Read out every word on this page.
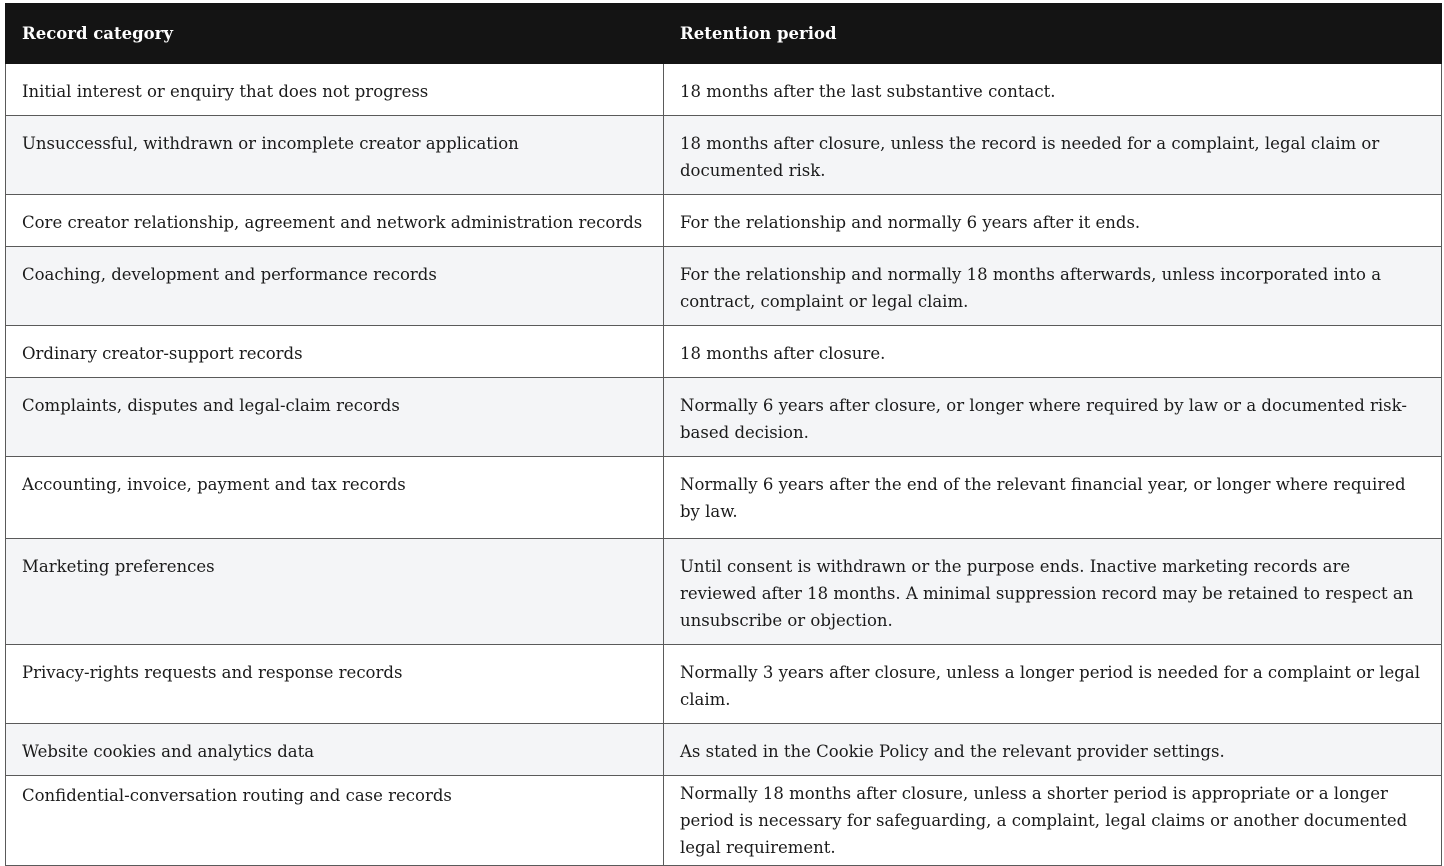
Record category	Retention period
Initial interest or enquiry that does not progress	18 months after the last substantive contact.
Unsuccessful, withdrawn or incomplete creator application	18 months after closure, unless the record is needed for a complaint, legal claim or documented risk.
Core creator relationship, agreement and network administration records	For the relationship and normally 6 years after it ends.
Coaching, development and performance records	For the relationship and normally 18 months afterwards, unless incorporated into a contract, complaint or legal claim.
Ordinary creator-support records	18 months after closure.
Complaints, disputes and legal-claim records	Normally 6 years after closure, or longer where required by law or a documented risk-based decision.
Accounting, invoice, payment and tax records	Normally 6 years after the end of the relevant financial year, or longer where required by law.
Marketing preferences	Until consent is withdrawn or the purpose ends. Inactive marketing records are reviewed after 18 months. A minimal suppression record may be retained to respect an unsubscribe or objection.
Privacy-rights requests and response records	Normally 3 years after closure, unless a longer period is needed for a complaint or legal claim.
Website cookies and analytics data	As stated in the Cookie Policy and the relevant provider settings.
Confidential-conversation routing and case records	Normally 18 months after closure, unless a shorter period is appropriate or a longer period is necessary for safeguarding, a complaint, legal claims or another documented legal requirement.
